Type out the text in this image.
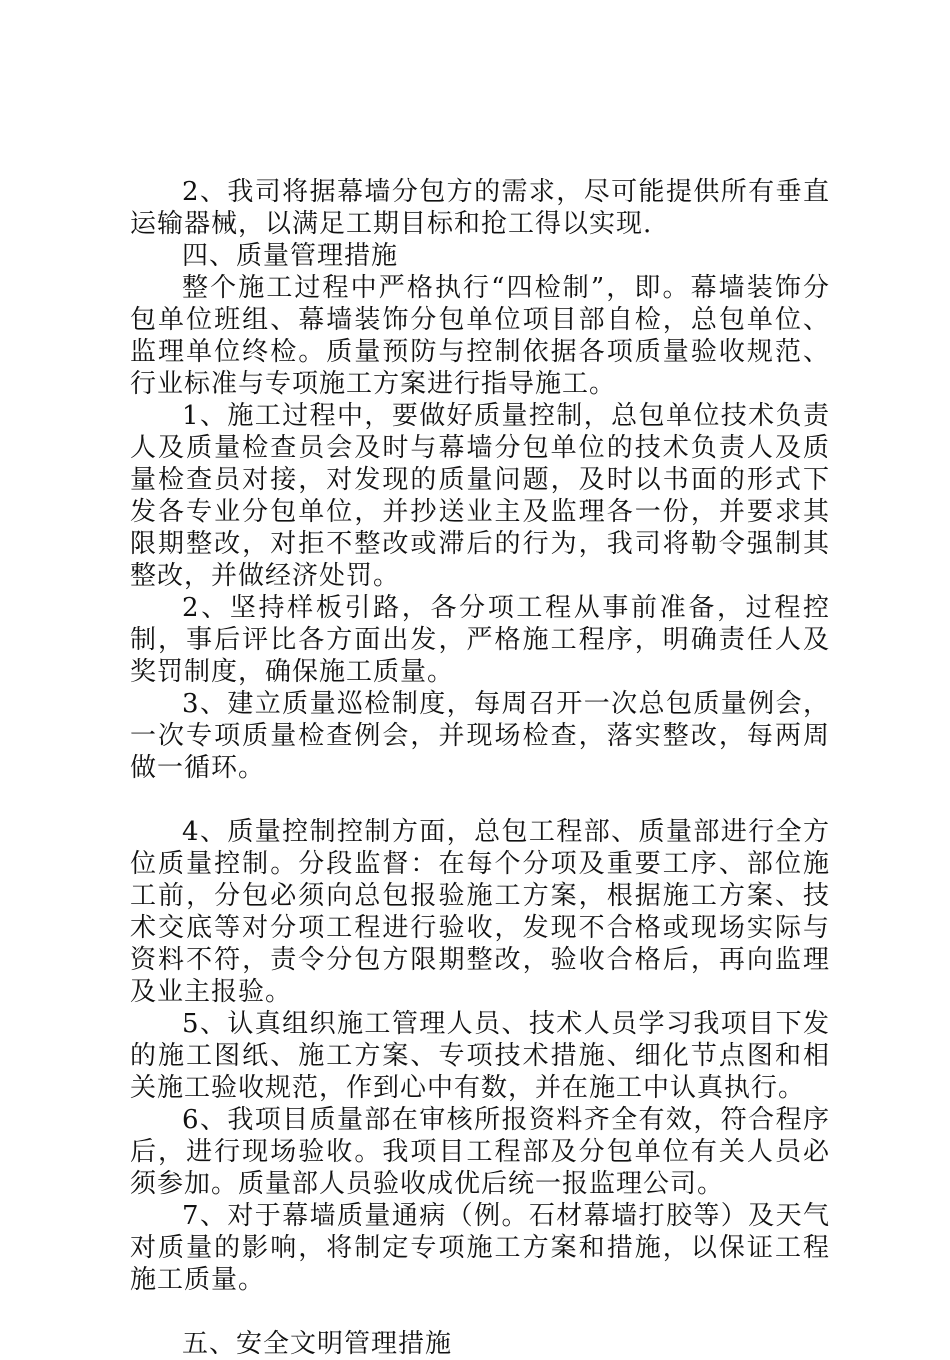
2、我司将据幕墙分包方的需求，尽可能提供所有垂直运输器械，以满足工期目标和抢工得以实现.

四、质量管理措施

整个施工过程中严格执行“四检制”，即。幕墙装饰分包单位班组、幕墙装饰分包单位项目部自检，总包单位、监理单位终检。质量预防与控制依据各项质量验收规范、行业标准与专项施工方案进行指导施工。

1、施工过程中，要做好质量控制，总包单位技术负责人及质量检查员会及时与幕墙分包单位的技术负责人及质量检查员对接，对发现的质量问题，及时以书面的形式下发各专业分包单位，并抄送业主及监理各一份，并要求其限期整改，对拒不整改或滞后的行为，我司将勒令强制其整改，并做经济处罚。

2、坚持样板引路，各分项工程从事前准备，过程控制，事后评比各方面出发，严格施工程序，明确责任人及奖罚制度，确保施工质量。

3、建立质量巡检制度，每周召开一次总包质量例会，一次专项质量检查例会，并现场检查，落实整改，每两周做一循环。

4、质量控制控制方面，总包工程部、质量部进行全方位质量控制。分段监督：在每个分项及重要工序、部位施工前，分包必须向总包报验施工方案，根据施工方案、技术交底等对分项工程进行验收，发现不合格或现场实际与资料不符，责令分包方限期整改，验收合格后，再向监理及业主报验。

5、认真组织施工管理人员、技术人员学习我项目下发的施工图纸、施工方案、专项技术措施、细化节点图和相关施工验收规范，作到心中有数，并在施工中认真执行。

6、我项目质量部在审核所报资料齐全有效，符合程序后，进行现场验收。我项目工程部及分包单位有关人员必须参加。质量部人员验收成优后统一报监理公司。

7、对于幕墙质量通病（例。石材幕墙打胶等）及天气对质量的影响，将制定专项施工方案和措施，以保证工程施工质量。

五、安全文明管理措施
